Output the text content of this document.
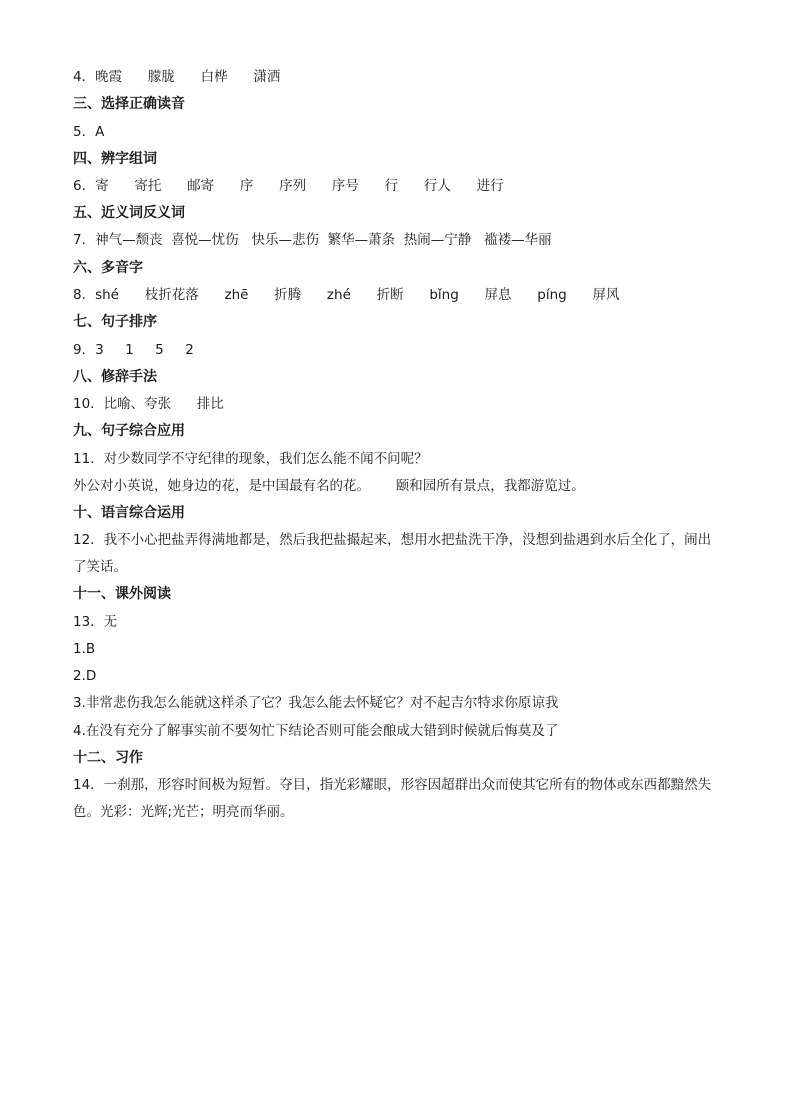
4．晚霞      朦胧      白桦      潇洒
三、选择正确读音
5．A
四、辨字组词
6．寄      寄托      邮寄      序      序列      序号      行      行人      进行
五、近义词反义词
7．神气—颓丧  喜悦—忧伤   快乐—悲伤  繁华—萧条  热闹—宁静   褴褛—华丽
六、多音字
8．shé      枝折花落      zhē      折腾      zhé      折断      bǐng      屏息      píng      屏风
七、句子排序
9．3     1     5     2
八、修辞手法
10．比喻、夸张      排比
九、句子综合应用
11．对少数同学不守纪律的现象，我们怎么能不闻不问呢？
外公对小英说，她身边的花，是中国最有名的花。      颐和园所有景点，我都游览过。
十、语言综合运用
12．我不小心把盐弄得满地都是，然后我把盐撮起来，想用水把盐洗干净，没想到盐遇到水后全化了，闹出了笑话。
十一、课外阅读
13．无
1.B
2.D
3.非常悲伤我怎么能就这样杀了它？我怎么能去怀疑它？对不起吉尔特求你原谅我
4.在没有充分了解事实前不要匆忙下结论否则可能会酿成大错到时候就后悔莫及了
十二、习作
14．一刹那，形容时间极为短暂。夺目，指光彩耀眼，形容因超群出众而使其它所有的物体或东西都黯然失色。光彩：光辉;光芒；明亮而华丽。
